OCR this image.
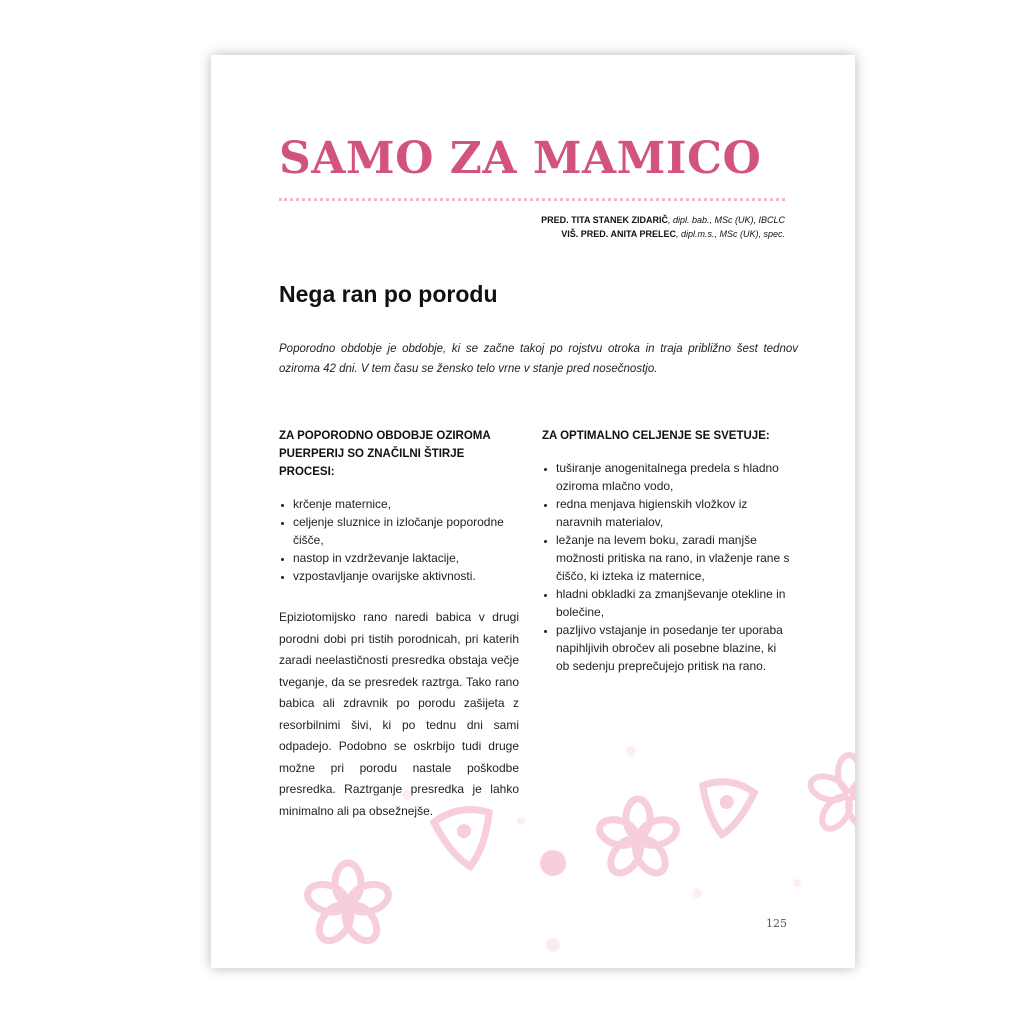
SAMO ZA MAMICO
PRED. TITA STANEK ZIDARIČ, dipl. bab., MSc (UK), IBCLC
VIŠ. PRED. ANITA PRELEC, dipl.m.s., MSc (UK), spec.
Nega ran po porodu

Poporodno obdobje je obdobje, ki se začne takoj po rojstvu otroka in traja približno šest tednov oziroma 42 dni. V tem času se žensko telo vrne v stanje pred nosečnostjo.

ZA POPORODNO OBDOBJE OZIROMA PUERPERIJ SO ZNAČILNI ŠTIRJE PROCESI:
• krčenje maternice,
• celjenje sluznice in izločanje poporodne čišče,
• nastop in vzdrževanje laktacije,
• vzpostavljanje ovarijske aktivnosti.

Epiziotomijsko rano naredi babica v drugi porodni dobi pri tistih porodnicah, pri katerih zaradi neelastičnosti presredka obstaja večje tveganje, da se presredek raztrga. Tako rano babica ali zdravnik po porodu zašijeta z resorbilnimi šivi, ki po tednu dni sami odpadejo. Podobno se oskrbijo tudi druge možne pri porodu nastale poškodbe presredka. Raztrganje presredka je lahko minimalno ali pa obsežnejše.

ZA OPTIMALNO CELJENJE SE SVETUJE:
• tuširanje anogenitalnega predela s hladno oziroma mlačno vodo,
• redna menjava higienskih vložkov iz naravnih materialov,
• ležanje na levem boku, zaradi manjše možnosti pritiska na rano, in vlaženje rane s čiščo, ki izteka iz maternice,
• hladni obkladki za zmanjševanje otekline in bolečine,
• pazljivo vstajanje in posedanje ter uporaba napihljivih obročev ali posebne blazine, ki ob sedenju preprečujejo pritisk na rano.
125
